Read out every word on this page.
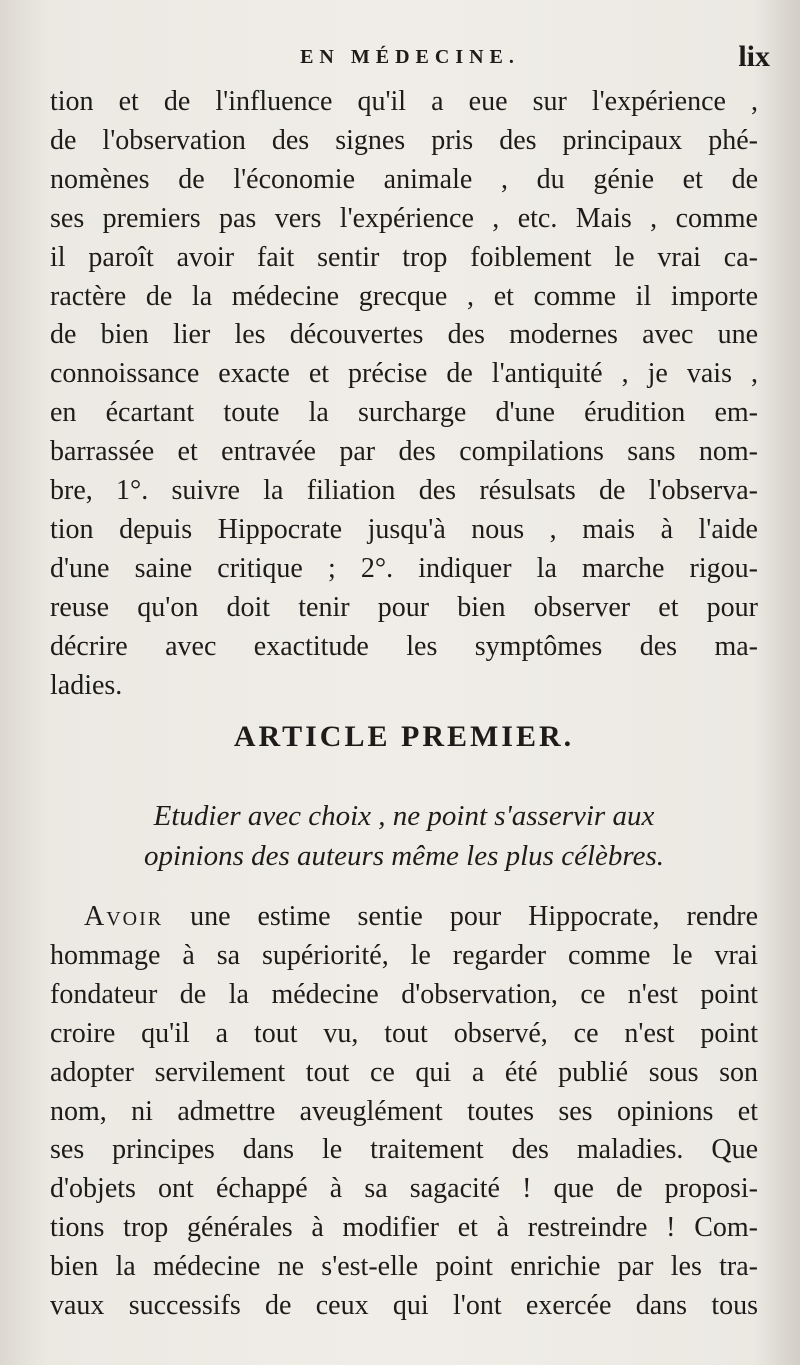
EN MÉDECINE.	lix
tion et de l'influence qu'il a eue sur l'expérience ,
de l'observation des signes pris des principaux phé-
nomènes de l'économie animale , du génie et de
ses premiers pas vers l'expérience , etc. Mais , comme
il paroît avoir fait sentir trop foiblement le vrai ca-
ractère de la médecine grecque , et comme il importe
de bien lier les découvertes des modernes avec une
connoissance exacte et précise de l'antiquité , je vais ,
en écartant toute la surcharge d'une érudition em-
barrassée et entravée par des compilations sans nom-
bre, 1°. suivre la filiation des résulsats de l'observa-
tion depuis Hippocrate jusqu'à nous , mais à l'aide
d'une saine critique ; 2°. indiquer la marche rigou-
reuse qu'on doit tenir pour bien observer et pour
décrire avec exactitude les symptômes des ma-
ladies.
ARTICLE PREMIER.
Etudier avec choix , ne point s'asservir aux
opinions des auteurs même les plus célèbres.
Avoir une estime sentie pour Hippocrate, rendre
hommage à sa supériorité, le regarder comme le vrai
fondateur de la médecine d'observation, ce n'est point
croire qu'il a tout vu, tout observé, ce n'est point
adopter servilement tout ce qui a été publié sous son
nom, ni admettre aveuglément toutes ses opinions et
ses principes dans le traitement des maladies. Que
d'objets ont échappé à sa sagacité ! que de proposi-
tions trop générales à modifier et à restreindre ! Com-
bien la médecine ne s'est-elle point enrichie par les tra-
vaux successifs de ceux qui l'ont exercée dans tous
